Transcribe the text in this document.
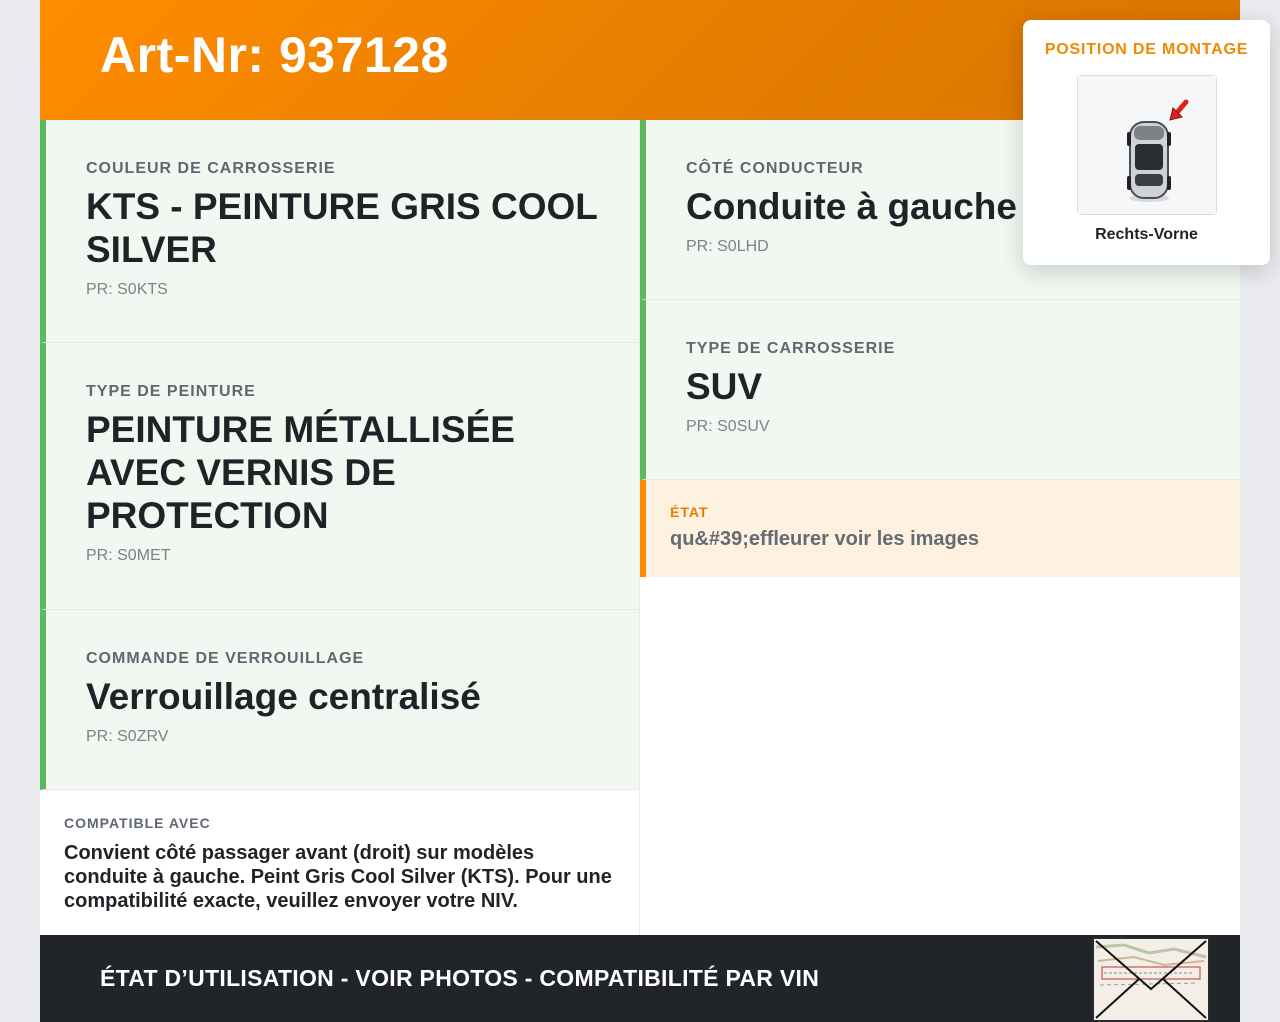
Art-Nr: 937128
COULEUR DE CARROSSERIE
KTS - PEINTURE GRIS COOL SILVER
PR: S0KTS
TYPE DE PEINTURE
PEINTURE MÉTALLISÉE AVEC VERNIS DE PROTECTION
PR: S0MET
COMMANDE DE VERROUILLAGE
Verrouillage centralisé
PR: S0ZRV
CÔTÉ CONDUCTEUR
Conduite à gauche
PR: S0LHD
TYPE DE CARROSSERIE
SUV
PR: S0SUV
ÉTAT
qu&#39;effleurer voir les images
COMPATIBLE AVEC
Convient côté passager avant (droit) sur modèles conduite à gauche. Peint Gris Cool Silver (KTS). Pour une compatibilité exacte, veuillez envoyer votre NIV.
ÉTAT D’UTILISATION - VOIR PHOTOS - COMPATIBILITÉ PAR VIN
POSITION DE MONTAGE
Rechts-Vorne
